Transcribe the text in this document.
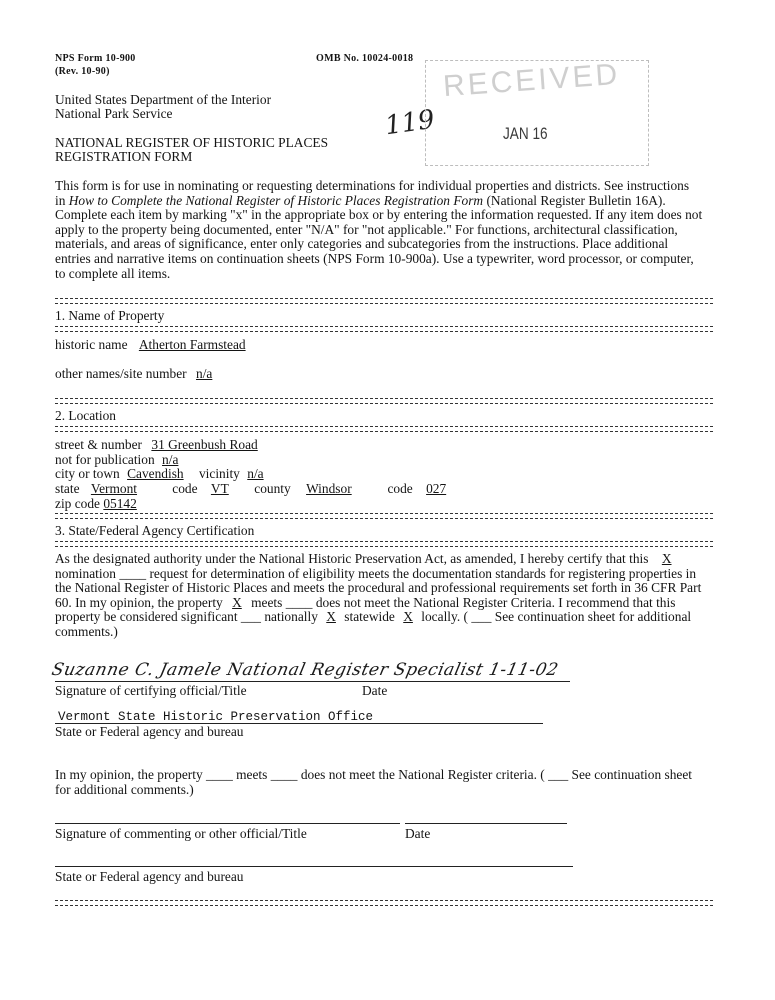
NPS Form 10-900
(Rev. 10-90)
OMB No. 10024-0018
United States Department of the Interior
National Park Service
NATIONAL REGISTER OF HISTORIC PLACES
REGISTRATION FORM
119
RECEIVED
JAN 16
This form is for use in nominating or requesting determinations for individual properties and districts. See instructions
in How to Complete the National Register of Historic Places Registration Form (National Register Bulletin 16A).
Complete each item by marking "x" in the appropriate box or by entering the information requested. If any item does not
apply to the property being documented, enter "N/A" for "not applicable." For functions, architectural classification,
materials, and areas of significance, enter only categories and subcategories from the instructions. Place additional
entries and narrative items on continuation sheets (NPS Form 10-900a). Use a typewriter, word processor, or computer,
to complete all items.
1. Name of Property
historic name Atherton Farmstead
other names/site number n/a
2. Location
street & number 31 Greenbush Road
not for publication n/a
city or town Cavendish vicinity n/a
state Vermont	code VT county Windsor	code 027
zip code 05142
3. State/Federal Agency Certification
As the designated authority under the National Historic Preservation Act, as amended, I hereby certify that this X
nomination ____ request for determination of eligibility meets the documentation standards for registering properties in
the National Register of Historic Places and meets the procedural and professional requirements set forth in 36 CFR Part
60. In my opinion, the property X meets ____ does not meet the National Register Criteria. I recommend that this
property be considered significant ___ nationally X statewide X locally. ( ___ See continuation sheet for additional
comments.)
Suzanne C. Jamele National Register Specialist 1-11-02
Signature of certifying official/Title	Date
Vermont State Historic Preservation Office
State or Federal agency and bureau
In my opinion, the property ____ meets ____ does not meet the National Register criteria. ( ___ See continuation sheet
for additional comments.)
Signature of commenting or other official/Title	Date
State or Federal agency and bureau
